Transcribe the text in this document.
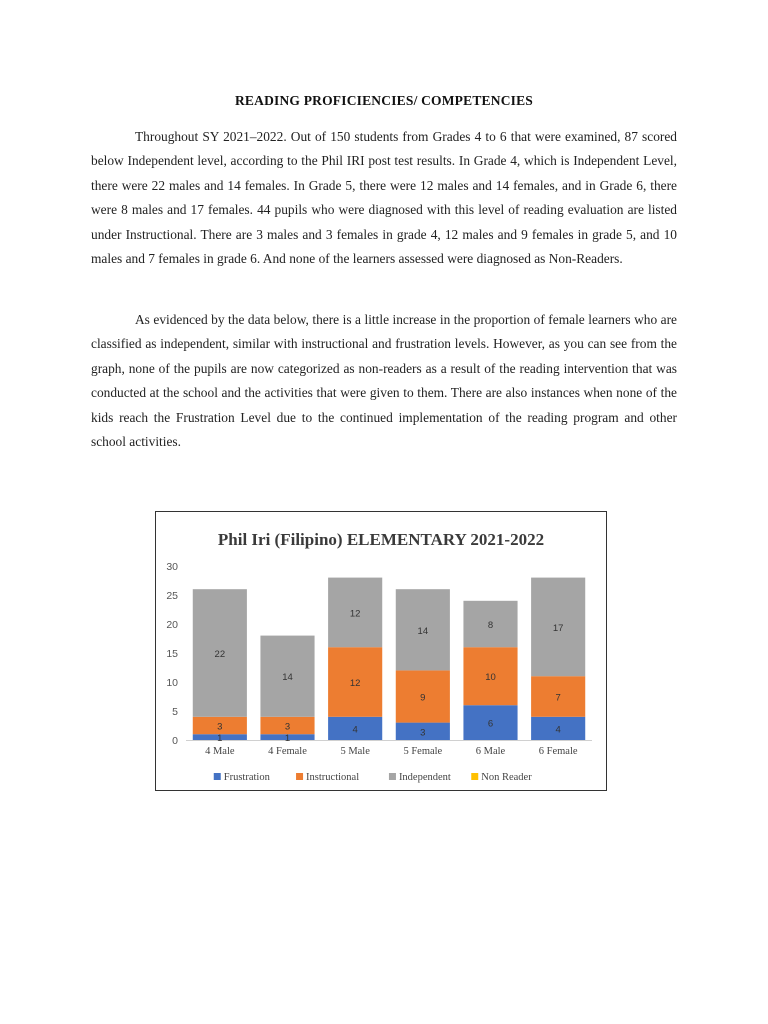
READING PROFICIENCIES/ COMPETENCIES

Throughout SY 2021–2022. Out of 150 students from Grades 4 to 6 that were examined, 87 scored below Independent level, according to the Phil IRI post test results. In Grade 4, which is Independent Level, there were 22 males and 14 females. In Grade 5, there were 12 males and 14 females, and in Grade 6, there were 8 males and 17 females. 44 pupils who were diagnosed with this level of reading evaluation are listed under Instructional. There are 3 males and 3 females in grade 4, 12 males and 9 females in grade 5, and 10 males and 7 females in grade 6. And none of the learners assessed were diagnosed as Non-Readers.

As evidenced by the data below, there is a little increase in the proportion of female learners who are classified as independent, similar with instructional and frustration levels. However, as you can see from the graph, none of the pupils are now categorized as non-readers as a result of the reading intervention that was conducted at the school and the activities that were given to them. There are also instances when none of the kids reach the Frustration Level due to the continued implementation of the reading program and other school activities.

Phil Iri (Filipino) ELEMENTARY 2021-2022
0
5
10
15
20
25
30
4 Male	4 Female	5 Male	5 Female	6 Male	6 Female
1
3
22
1
3
14
4
12
12
3
9
14
6
10
8
4
7
17
Frustration	Instructional	Independent	Non Reader
